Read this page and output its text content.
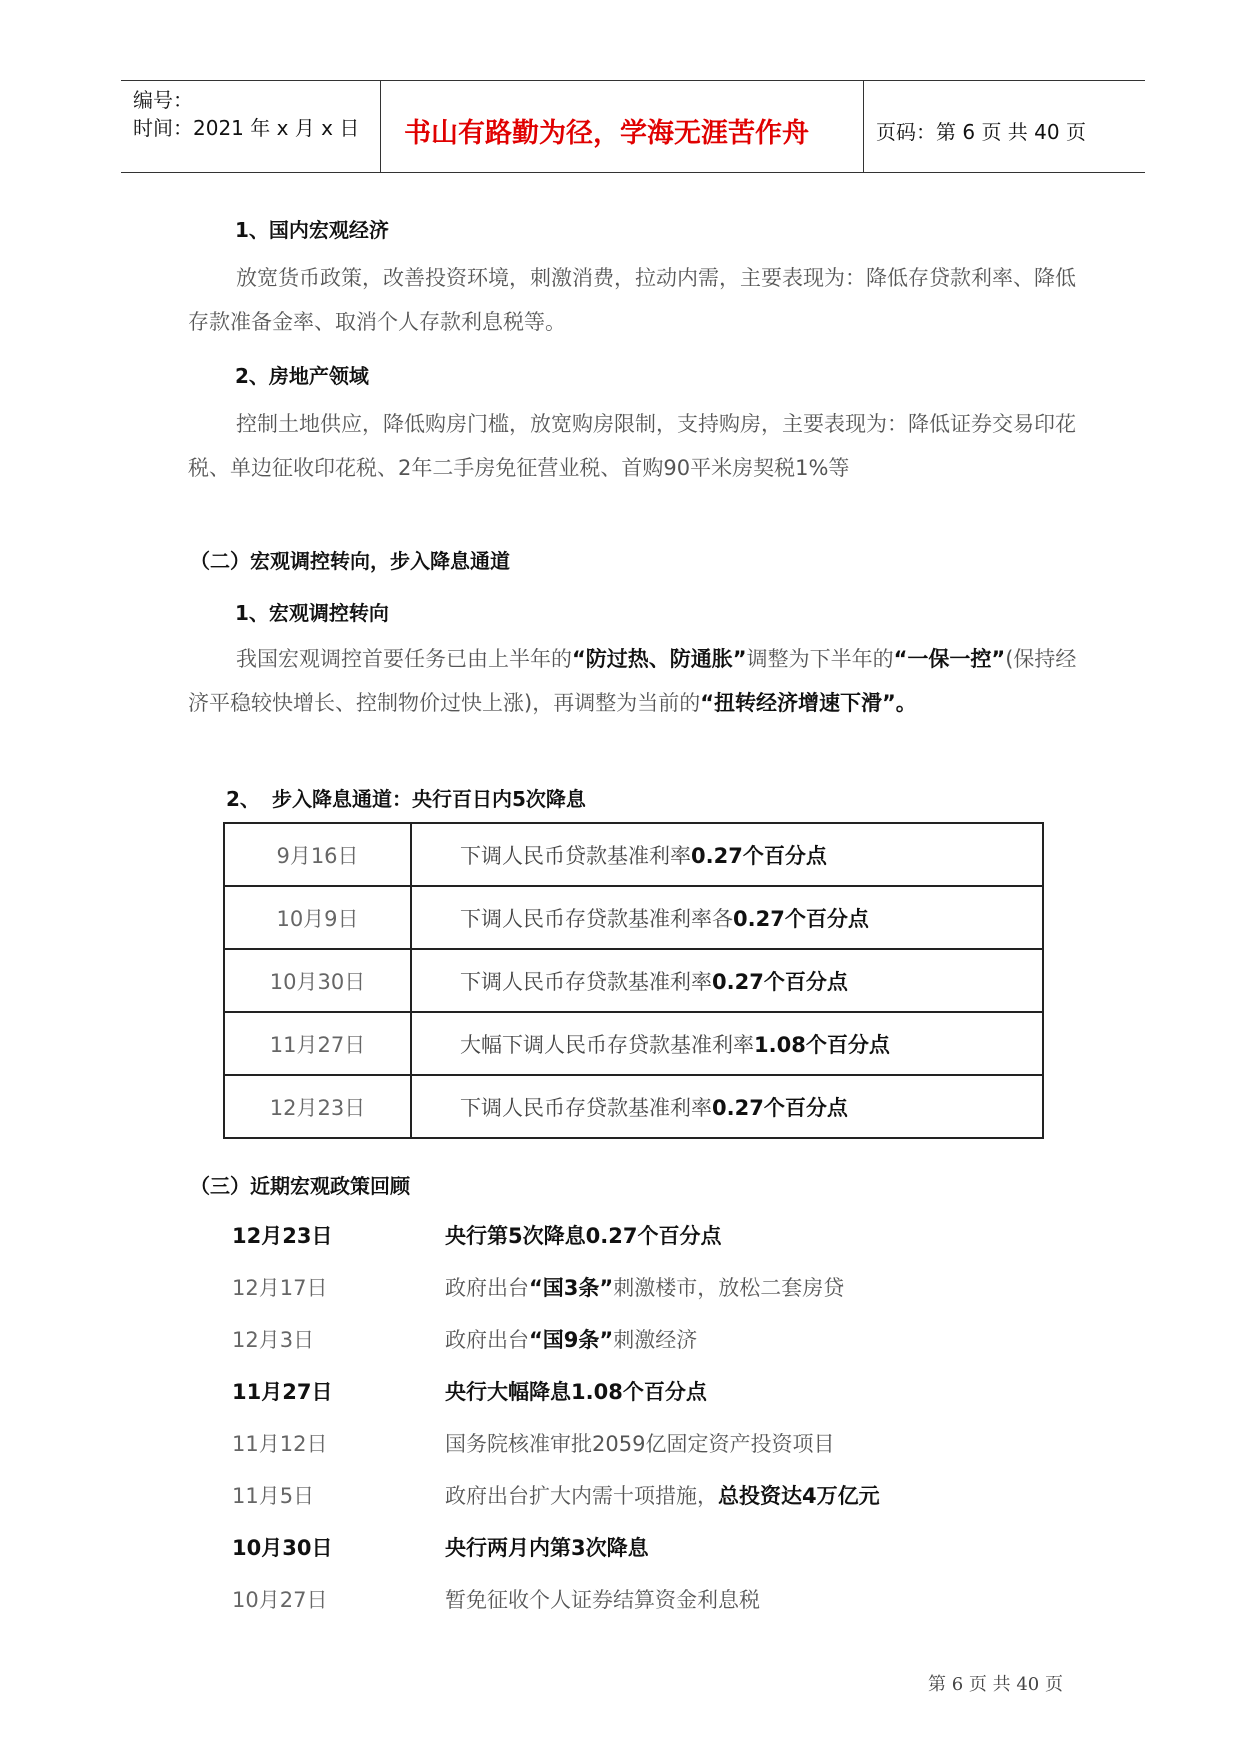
编号：
时间：2021 年 x 月 x 日 书山有路勤为径，学海无涯苦作舟	页码：第 6 页 共 40 页
1、国内宏观经济
放宽货币政策，改善投资环境，刺激消费，拉动内需，主要表现为：降低存贷款利率、降低存款准备金率、取消个人存款利息税等。
2、房地产领域
控制土地供应，降低购房门槛，放宽购房限制，支持购房，主要表现为：降低证券交易印花税、单边征收印花税、2年二手房免征营业税、首购90平米房契税1%等
（二）宏观调控转向，步入降息通道
1、宏观调控转向
我国宏观调控首要任务已由上半年的“防过热、防通胀”调整为下半年的“一保一控”(保持经济平稳较快增长、控制物价过快上涨)，再调整为当前的“扭转经济增速下滑”。
2、 步入降息通道：央行百日内5次降息
9月16日	下调人民币贷款基准利率0.27个百分点
10月9日	下调人民币存贷款基准利率各0.27个百分点
10月30日	下调人民币存贷款基准利率0.27个百分点
11月27日	大幅下调人民币存贷款基准利率1.08个百分点
12月23日	下调人民币存贷款基准利率0.27个百分点
（三）近期宏观政策回顾
12月23日	央行第5次降息0.27个百分点
12月17日	政府出台“国3条”刺激楼市，放松二套房贷
12月3日	政府出台“国9条”刺激经济
11月27日	央行大幅降息1.08个百分点
11月12日	国务院核准审批2059亿固定资产投资项目
11月5日	政府出台扩大内需十项措施，总投资达4万亿元
10月30日	央行两月内第3次降息
10月27日	暂免征收个人证券结算资金利息税
第 6 页 共 40 页
